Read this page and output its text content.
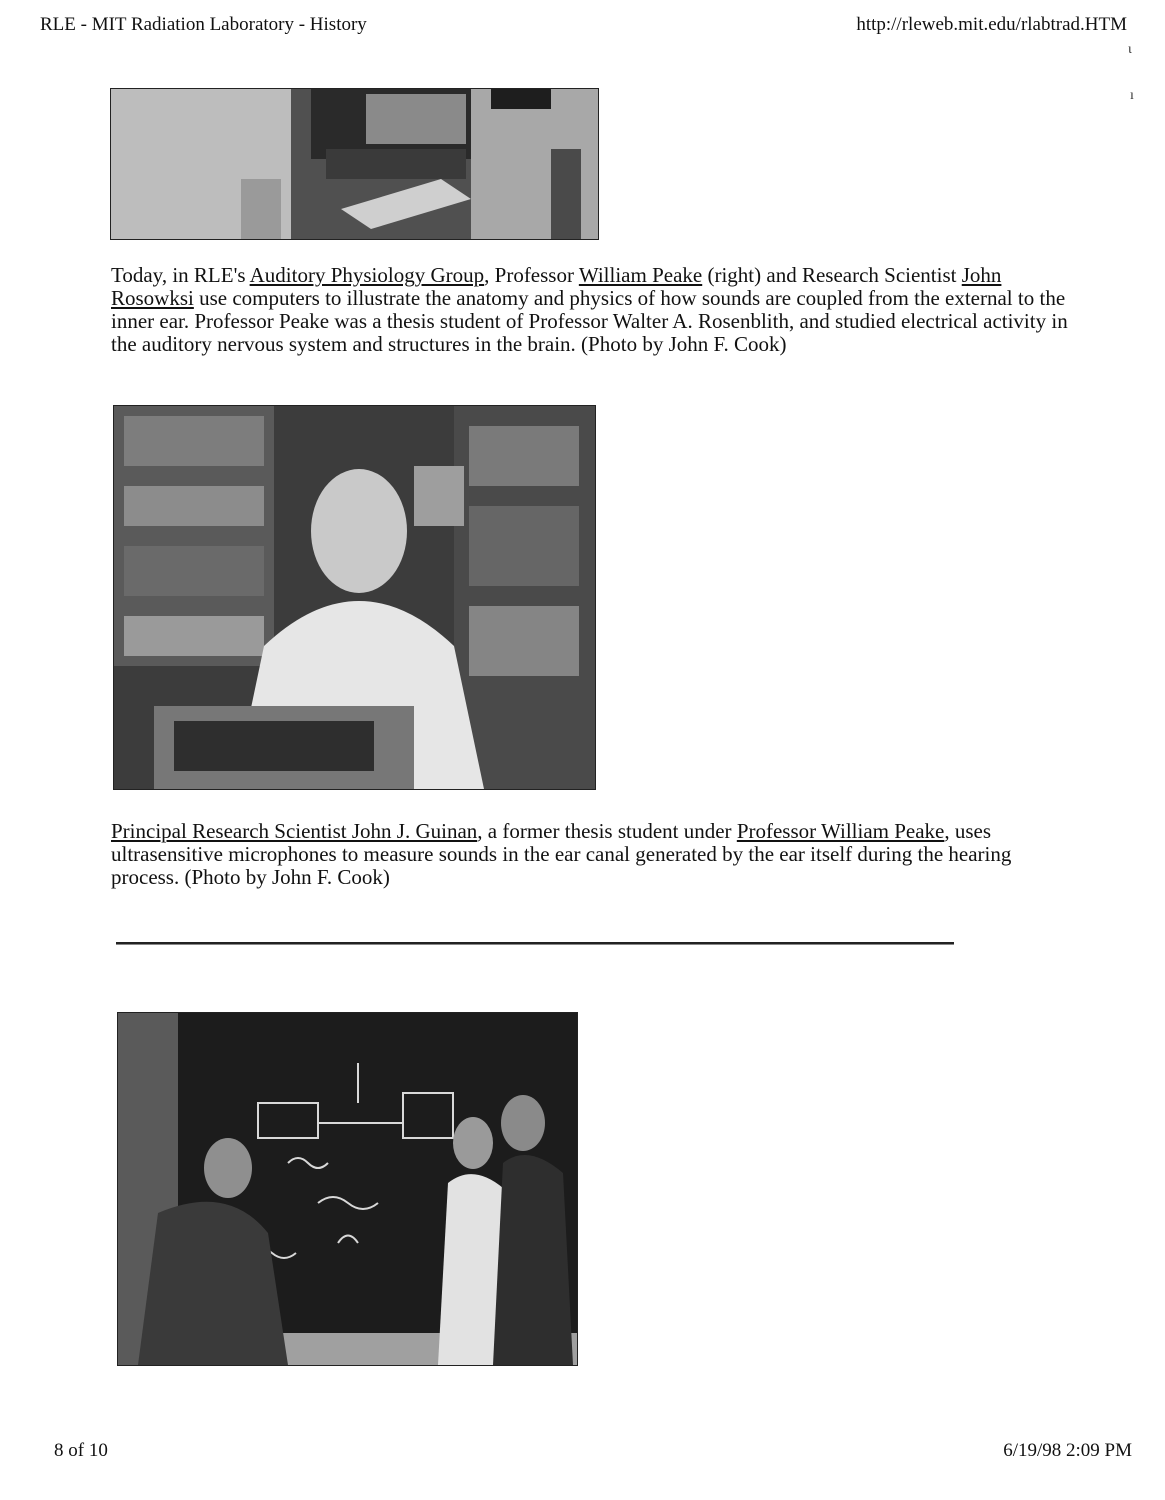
RLE - MIT Radiation Laboratory - History	http://rleweb.mit.edu/rlabtrad.HTM
ι
ı

Today, in RLE's Auditory Physiology Group, Professor William Peake (right) and Research Scientist John Rosowksi use computers to illustrate the anatomy and physics of how sounds are coupled from the external to the inner ear. Professor Peake was a thesis student of Professor Walter A. Rosenblith, and studied electrical activity in the auditory nervous system and structures in the brain. (Photo by John F. Cook)

Principal Research Scientist John J. Guinan, a former thesis student under Professor William Peake, uses ultrasensitive microphones to measure sounds in the ear canal generated by the ear itself during the hearing process. (Photo by John F. Cook)

8 of 10	6/19/98 2:09 PM
